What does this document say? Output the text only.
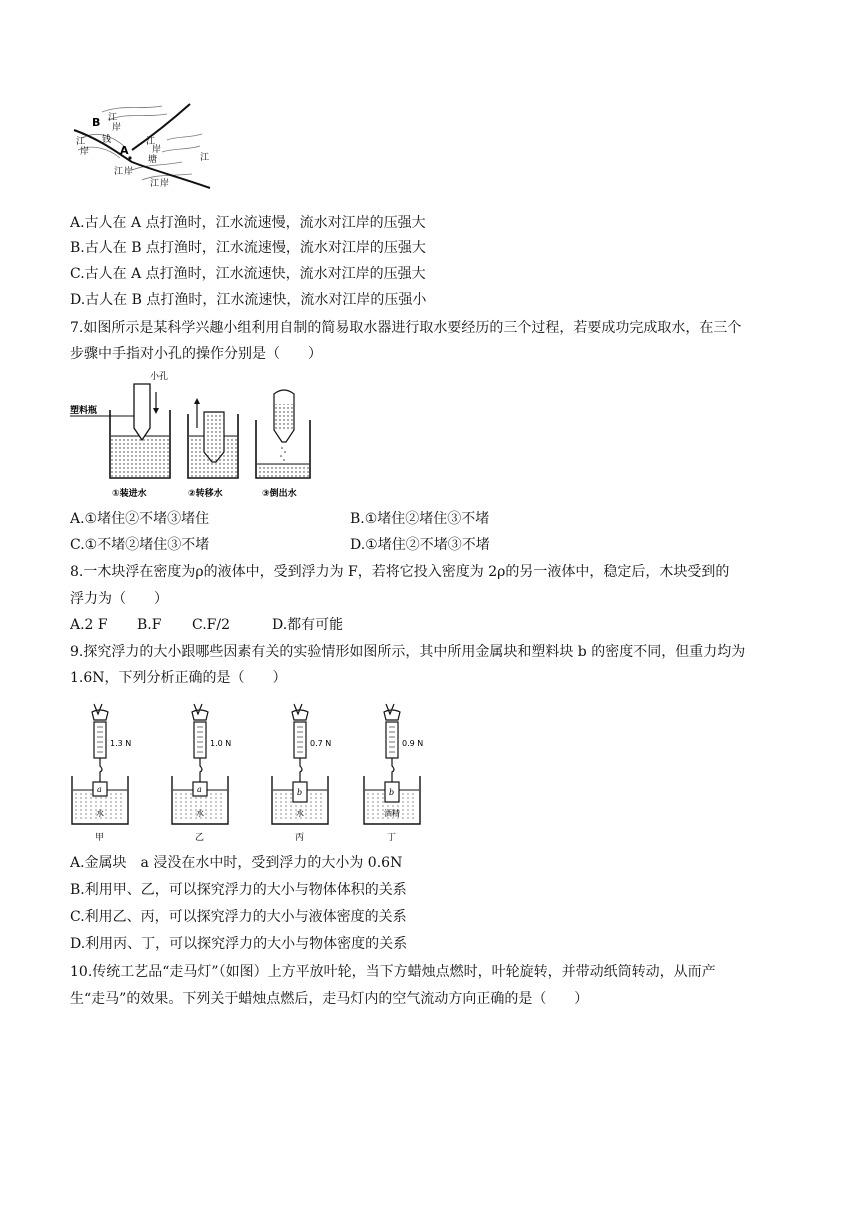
B 江
岸
江
岸
钱
A
塘	江
江
岸
江 岸
江 岸
A.古人在 A 点打渔时，江水流速慢，流水对江岸的压强大
B.古人在 B 点打渔时，江水流速慢，流水对江岸的压强大
C.古人在 A 点打渔时，江水流速快，流水对江岸的压强大
D.古人在 B 点打渔时，江水流速快，流水对江岸的压强小
7.如图所示是某科学兴趣小组利用自制的简易取水器进行取水要经历的三个过程，若要成功完成取水，在三个
步骤中手指对小孔的操作分别是（　　）
小孔
塑料瓶
①装进水	②转移水	③倒出水
A.①堵住②不堵③堵住	B.①堵住②堵住③不堵
C.①不堵②堵住③不堵	D.①堵住②不堵③不堵
8.一木块浮在密度为ρ的液体中，受到浮力为 F，若将它投入密度为 2ρ的另一液体中，稳定后，木块受到的
浮力为（　　）
A.2 F B.F C.F/2	D.都有可能
9.探究浮力的大小跟哪些因素有关的实验情形如图所示，其中所用金属块和塑料块 b 的密度不同，但重力均为
1.6N，下列分析正确的是（　　）
1.3 N
a
水
甲
1.0 N
a
水
乙
0.7 N
b
水
丙
0.9 N
b
酒精
丁
A.金属块　a 浸没在水中时，受到浮力的大小为 0.6N
B.利用甲、乙，可以探究浮力的大小与物体体积的关系
C.利用乙、丙，可以探究浮力的大小与液体密度的关系
D.利用丙、丁，可以探究浮力的大小与物体密度的关系
10.传统工艺品“走马灯”（如图）上方平放叶轮，当下方蜡烛点燃时，叶轮旋转，并带动纸筒转动，从而产
生“走马”的效果。下列关于蜡烛点燃后，走马灯内的空气流动方向正确的是（　　）
